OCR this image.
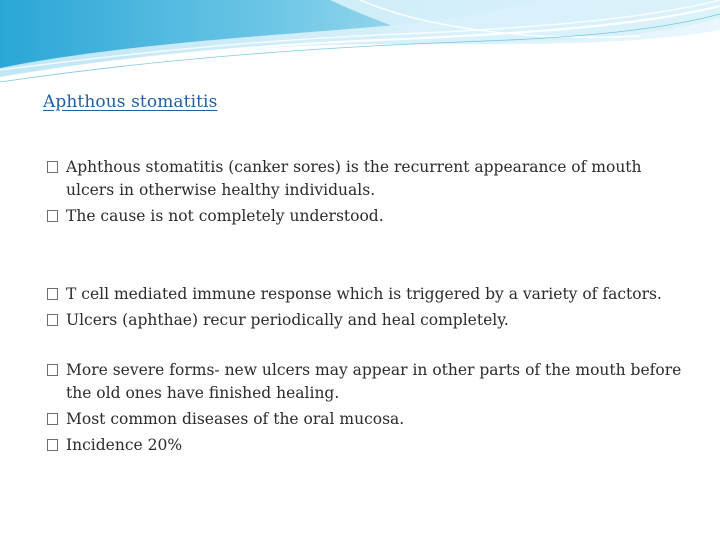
Aphthous stomatitis
Aphthous stomatitis (canker sores) is the recurrent appearance of mouth ulcers in otherwise healthy individuals.
The cause is not completely understood.
T cell mediated immune response which is triggered by a variety of factors.
Ulcers (aphthae) recur periodically and heal completely.
More severe forms- new ulcers may appear in other parts of the mouth before the old ones have finished healing.
Most common diseases of the oral mucosa.
Incidence 20%
